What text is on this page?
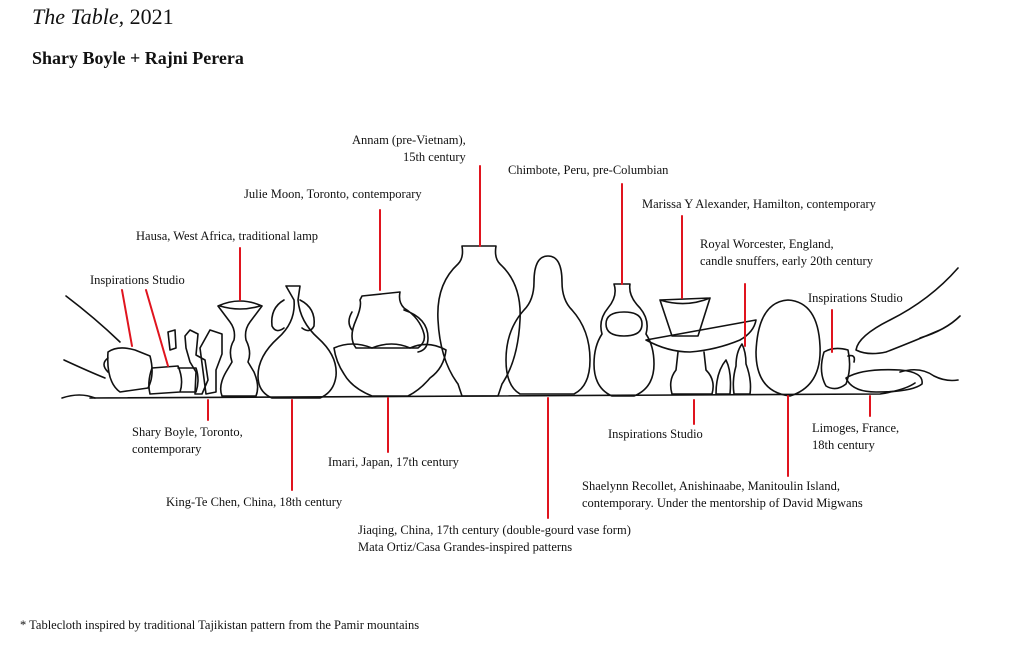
The Table, 2021
Shary Boyle + Rajni Perera
Annam (pre-Vietnam),
15th century
Chimbote, Peru, pre-Columbian
Julie Moon, Toronto, contemporary
Marissa Y Alexander, Hamilton, contemporary
Hausa, West Africa, traditional lamp
Royal Worcester, England,
candle snuffers, early 20th century
Inspirations Studio
Inspirations Studio
Shary Boyle, Toronto,
contemporary
Imari, Japan, 17th century
King-Te Chen, China, 18th century
Jiaqing, China, 17th century (double-gourd vase form)
Mata Ortiz/Casa Grandes-inspired patterns
Inspirations Studio	Limoges, France,
18th century
Shaelynn Recollet, Anishinaabe, Manitoulin Island,
contemporary. Under the mentorship of David Migwans
* Tablecloth inspired by traditional Tajikistan pattern from the Pamir mountains
